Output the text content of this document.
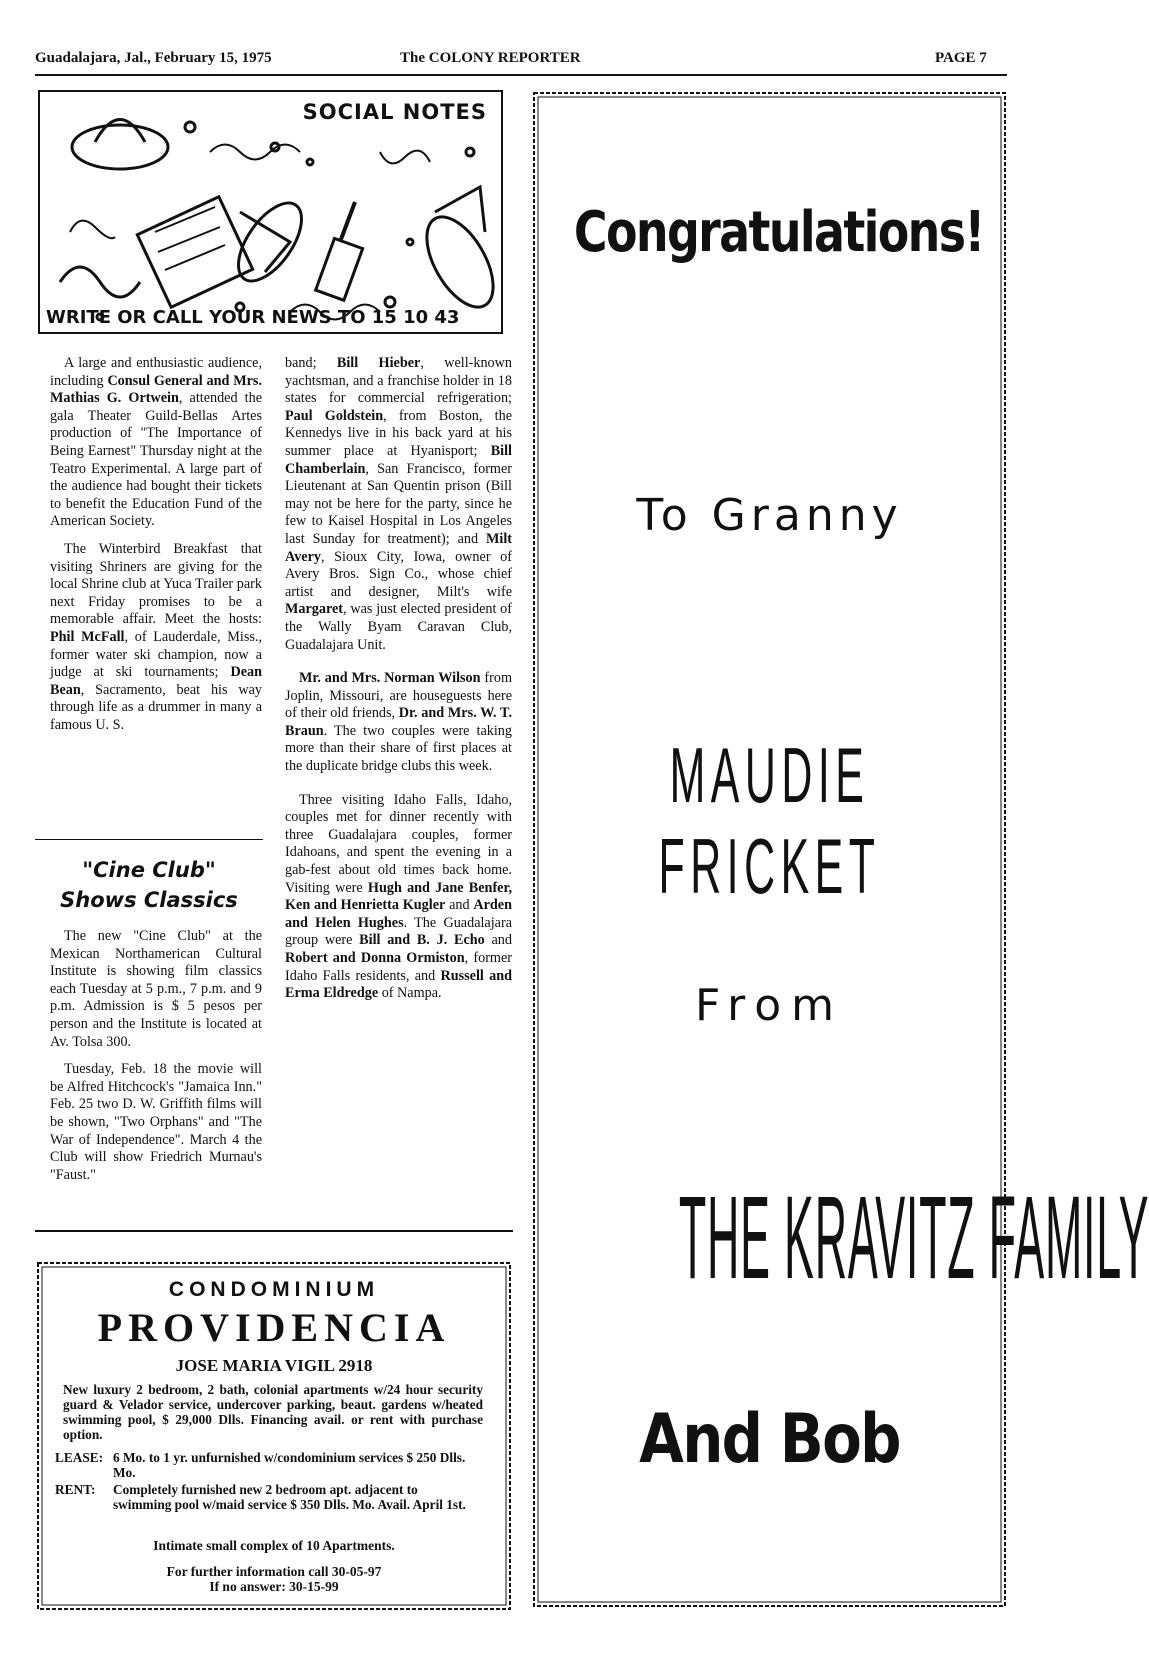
Guadalajara, Jal., February 15, 1975	The COLONY REPORTER	PAGE 7
SOCIAL NOTES
WRITE OR CALL YOUR NEWS TO 15 10 43

A large and enthusiastic audience, including Consul General and Mrs. Mathias G. Ortwein, attended the gala Theater Guild-Bellas Artes production of "The Importance of Being Earnest" Thursday night at the Teatro Experimental. A large part of the audience had bought their tickets to benefit the Education Fund of the American Society.

The Winterbird Breakfast that visiting Shriners are giving for the local Shrine club at Yuca Trailer park next Friday promises to be a memorable affair. Meet the hosts: Phil McFall, of Lauderdale, Miss., former water ski champion, now a judge at ski tournaments; Dean Bean, Sacramento, beat his way through life as a drummer in many a famous U. S.

"Cine Club"
Shows Classics

The new "Cine Club" at the Mexican Northamerican Cultural Institute is showing film classics each Tuesday at 5 p.m., 7 p.m. and 9 p.m. Admission is $ 5 pesos per person and the Institute is located at Av. Tolsa 300.

Tuesday, Feb. 18 the movie will be Alfred Hitchcock's "Jamaica Inn." Feb. 25 two D. W. Griffith films will be shown, "Two Orphans" and "The War of Independence". March 4 the Club will show Friedrich Murnau's "Faust."

band; Bill Hieber, well-known yachtsman, and a franchise holder in 18 states for commercial refrigeration; Paul Goldstein, from Boston, the Kennedys live in his back yard at his summer place at Hyanisport; Bill Chamberlain, San Francisco, former Lieutenant at San Quentin prison (Bill may not be here for the party, since he few to Kaisel Hospital in Los Angeles last Sunday for treatment); and Milt Avery, Sioux City, Iowa, owner of Avery Bros. Sign Co., whose chief artist and designer, Milt's wife Margaret, was just elected president of the Wally Byam Caravan Club, Guadalajara Unit.

Mr. and Mrs. Norman Wilson from Joplin, Missouri, are houseguests here of their old friends, Dr. and Mrs. W. T. Braun. The two couples were taking more than their share of first places at the duplicate bridge clubs this week.

Three visiting Idaho Falls, Idaho, couples met for dinner recently with three Guadalajara couples, former Idahoans, and spent the evening in a gab-fest about old times back home. Visiting were Hugh and Jane Benfer, Ken and Henrietta Kugler and Arden and Helen Hughes. The Guadalajara group were Bill and B. J. Echo and Robert and Donna Ormiston, former Idaho Falls residents, and Russell and Erma Eldredge of Nampa.

CONDOMINIUM
PROVIDENCIA
JOSE MARIA VIGIL 2918
New luxury 2 bedroom, 2 bath, colonial apartments w/24 hour security guard & Velador service, undercover parking, beaut. gardens w/heated swimming pool, $ 29,000 Dlls. Financing avail. or rent with purchase option.
LEASE: 6 Mo. to 1 yr. unfurnished w/condominium services $ 250 Dlls. Mo.
RENT: Completely furnished new 2 bedroom apt. adjacent to swimming pool w/maid service $ 350 Dlls. Mo. Avail. April 1st.
Intimate small complex of 10 Apartments.
For further information call 30-05-97
If no answer: 30-15-99
Congratulations!
To Granny
MAUDIE FRICKET
From
THE KRAVITZ FAMILY
And Bob
